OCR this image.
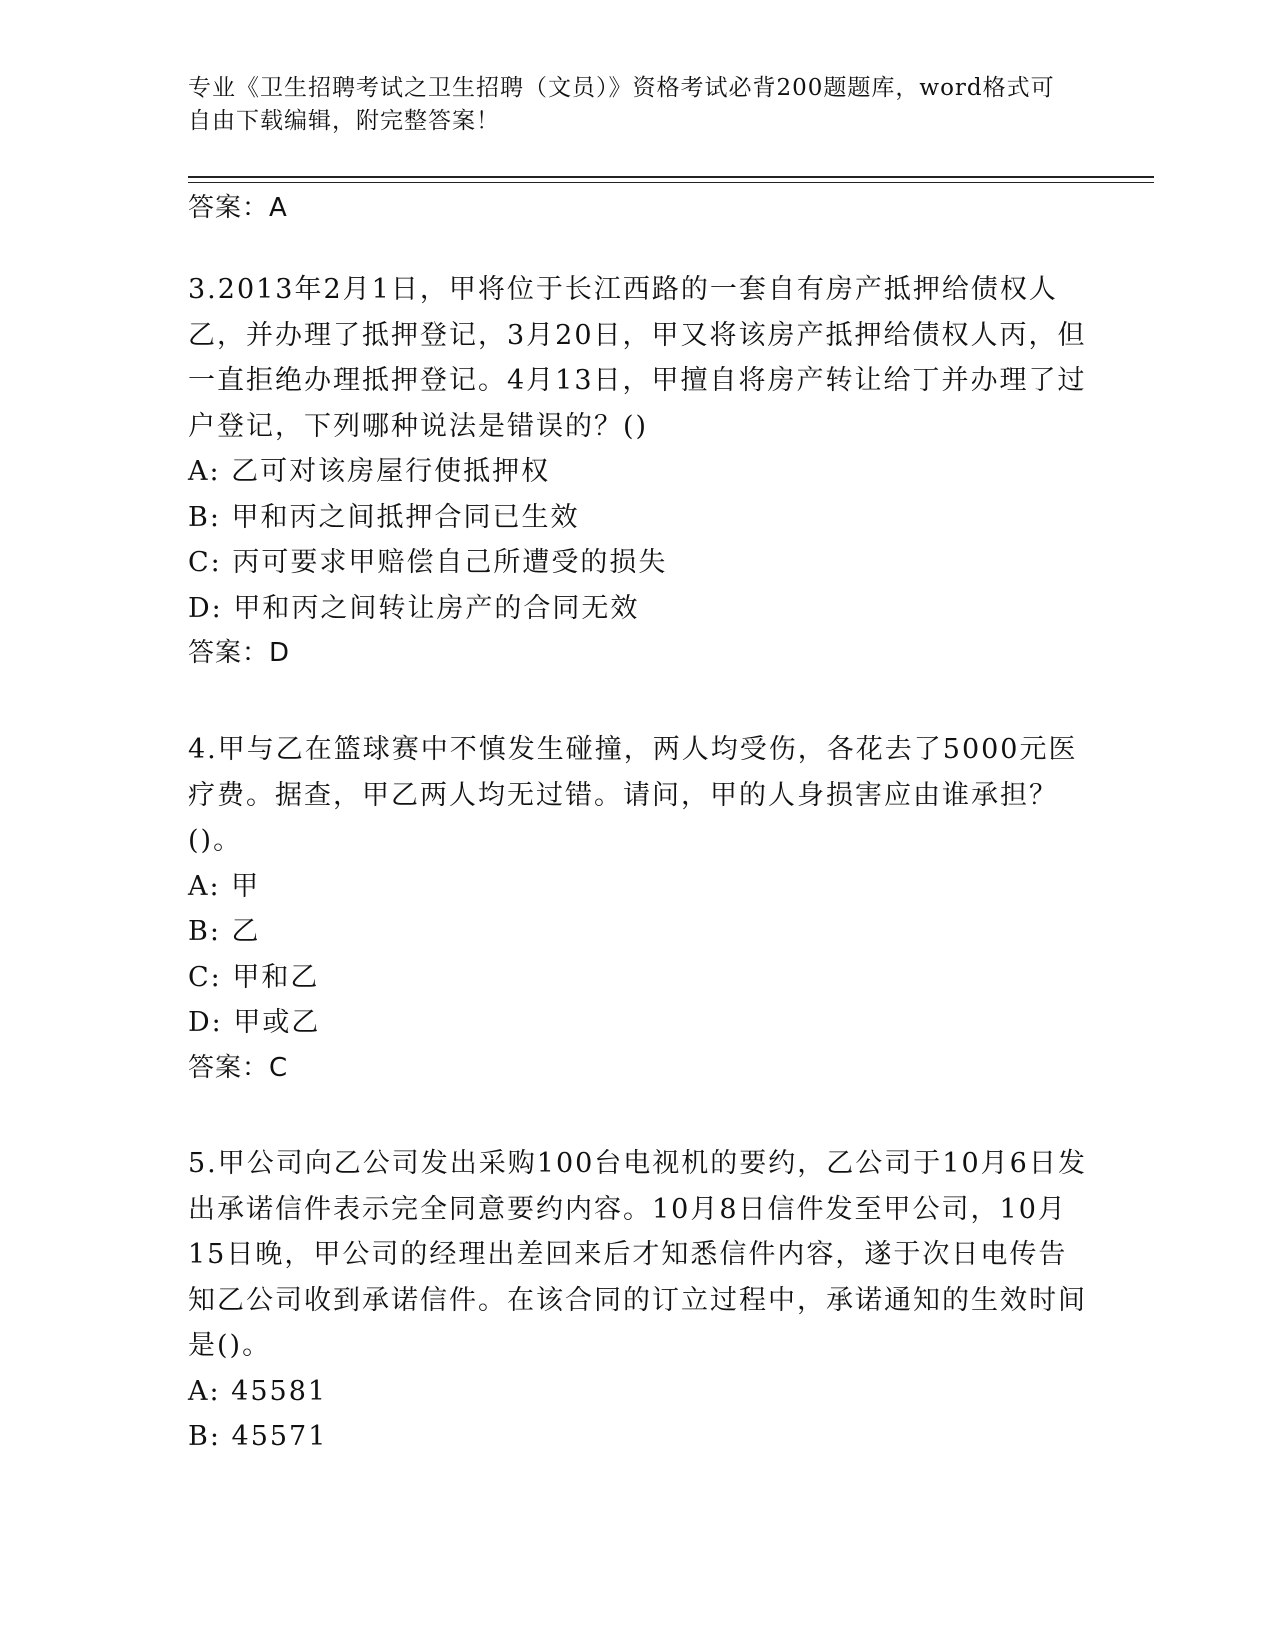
专业《卫生招聘考试之卫生招聘（文员）》资格考试必背200题题库，word格式可自由下载编辑，附完整答案！

答案：A

3.2013年2月1日，甲将位于长江西路的一套自有房产抵押给债权人乙，并办理了抵押登记，3月20日，甲又将该房产抵押给债权人丙，但一直拒绝办理抵押登记。4月13日，甲擅自将房产转让给丁并办理了过户登记，下列哪种说法是错误的？()

A: 乙可对该房屋行使抵押权

B: 甲和丙之间抵押合同已生效

C: 丙可要求甲赔偿自己所遭受的损失

D: 甲和丙之间转让房产的合同无效

答案：D

4.甲与乙在篮球赛中不慎发生碰撞，两人均受伤，各花去了5000元医疗费。据查，甲乙两人均无过错。请问，甲的人身损害应由谁承担？()。

A: 甲

B: 乙

C: 甲和乙

D: 甲或乙

答案：C

5.甲公司向乙公司发出采购100台电视机的要约，乙公司于10月6日发出承诺信件表示完全同意要约内容。10月8日信件发至甲公司，10月15日晚，甲公司的经理出差回来后才知悉信件内容，遂于次日电传告知乙公司收到承诺信件。在该合同的订立过程中，承诺通知的生效时间是()。

A: 45581

B: 45571
